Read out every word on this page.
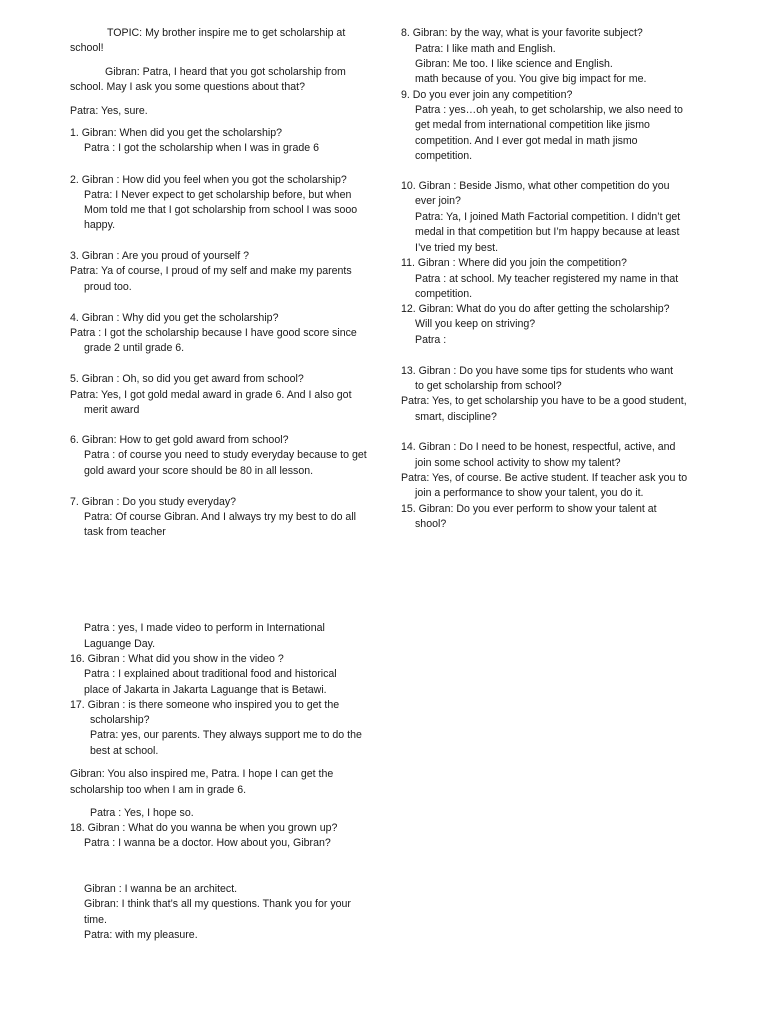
TOPIC: My brother inspire me to get scholarship at
school!
Gibran: Patra, I heard that you got scholarship from
school. May I ask you some questions about that?
Patra: Yes, sure.
1. Gibran: When did you get the scholarship?
Patra : I got the scholarship when I was in grade 6
2. Gibran : How did you feel when you got the scholarship?
Patra: I Never expect to get scholarship before, but when
Mom told me that I got scholarship from school I was sooo
happy.
3. Gibran : Are you proud of yourself ?
Patra: Ya of course, I proud of my self and make my parents
proud too.
4. Gibran : Why did you get the scholarship?
Patra : I got the scholarship because I have good score since
grade 2 until grade 6.
5. Gibran : Oh, so did you get award from school?
Patra: Yes, I got gold medal award in grade 6. And I also got
merit award
6. Gibran: How to get gold award from school?
Patra : of course you need to study everyday because to get
gold award your score should be 80 in all lesson.
7. Gibran : Do you study everyday?
Patra: Of course Gibran. And I always try my best to do all
task from teacher
Patra : yes, I made video to perform in International
Laguange Day.
16. Gibran : What did you show in the video ?
Patra : I explained about traditional food and historical
place of Jakarta in Jakarta Laguange that is Betawi.
17. Gibran : is there someone who inspired you to get the
scholarship?
Patra: yes, our parents. They always support me to do the
best at school.
Gibran: You also inspired me, Patra. I hope I can get the
scholarship too when I am in grade 6.
Patra : Yes, I hope so.
18. Gibran : What do you wanna be when you grown up?
Patra : I wanna be a doctor. How about you, Gibran?
Gibran : I wanna be an architect.
Gibran: I think that’s all my questions. Thank you for your
time.
Patra: with my pleasure.
8. Gibran: by the way, what is your favorite subject?
Patra: I like math and English.
Gibran: Me too. I like science and English.
math because of you. You give big impact for me.
9. Do you ever join any competition?
Patra : yes…oh yeah, to get scholarship, we also need to
get medal from international competition like jismo
competition. And I ever got medal in math jismo
competition.
10. Gibran : Beside Jismo, what other competition do you
ever join?
Patra: Ya, I joined Math Factorial competition. I didn’t get
medal in that competition but I’m happy because at least
I’ve tried my best.
11. Gibran : Where did you join the competition?
Patra : at school. My teacher registered my name in that
competition.
12. Gibran: What do you do after getting the scholarship?
Will you keep on striving?
Patra :
13. Gibran : Do you have some tips for students who want
to get scholarship from school?
Patra: Yes, to get scholarship you have to be a good student,
smart, discipline?
14. Gibran : Do I need to be honest, respectful, active, and
join some school activity to show my talent?
Patra: Yes, of course. Be active student. If teacher ask you to
join a performance to show your talent, you do it.
15. Gibran: Do you ever perform to show your talent at
shool?
